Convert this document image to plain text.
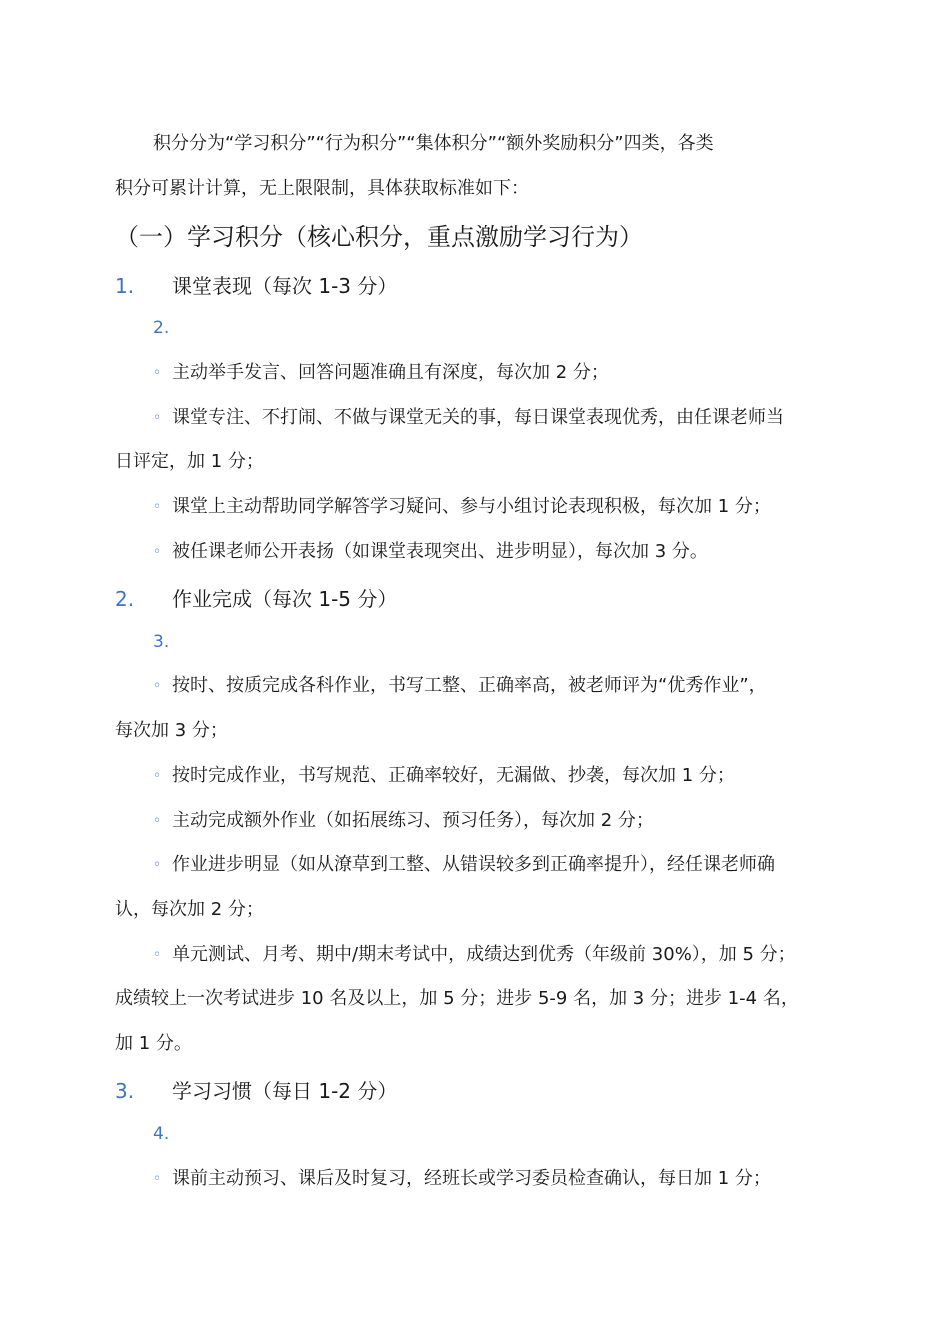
积分分为“学习积分”“行为积分”“集体积分”“额外奖励积分”四类，各类
积分可累计计算，无上限限制，具体获取标准如下：
（一）学习积分（核心积分，重点激励学习行为）
1. 课堂表现（每次 1-3 分）
2.
◦ 主动举手发言、回答问题准确且有深度，每次加 2 分；
◦ 课堂专注、不打闹、不做与课堂无关的事，每日课堂表现优秀，由任课老师当
日评定，加 1 分；
◦ 课堂上主动帮助同学解答学习疑问、参与小组讨论表现积极，每次加 1 分；
◦ 被任课老师公开表扬（如课堂表现突出、进步明显），每次加 3 分。
2. 作业完成（每次 1-5 分）
3.
◦ 按时、按质完成各科作业，书写工整、正确率高，被老师评为“优秀作业”，
每次加 3 分；
◦ 按时完成作业，书写规范、正确率较好，无漏做、抄袭，每次加 1 分；
◦ 主动完成额外作业（如拓展练习、预习任务），每次加 2 分；
◦ 作业进步明显（如从潦草到工整、从错误较多到正确率提升），经任课老师确
认，每次加 2 分；
◦ 单元测试、月考、期中/期末考试中，成绩达到优秀（年级前 30%），加 5 分；
成绩较上一次考试进步 10 名及以上，加 5 分；进步 5-9 名，加 3 分；进步 1-4 名，
加 1 分。
3. 学习习惯（每日 1-2 分）
4.
◦ 课前主动预习、课后及时复习，经班长或学习委员检查确认，每日加 1 分；
